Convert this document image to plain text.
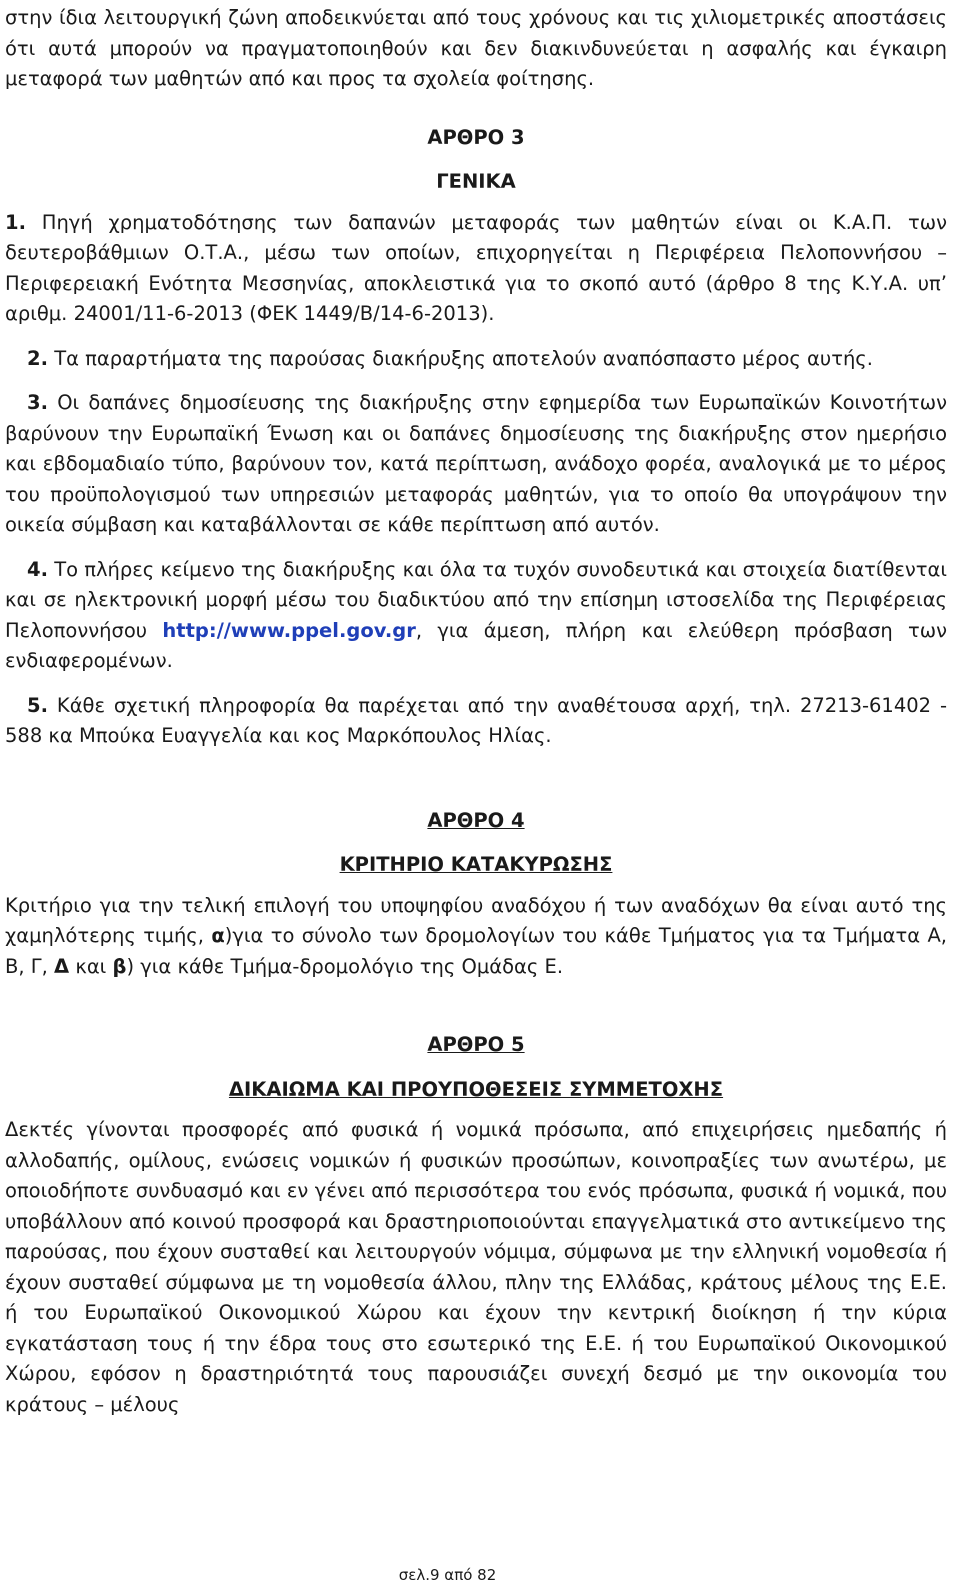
στην ίδια λειτουργική ζώνη αποδεικνύεται από τους χρόνους και τις χιλιομετρικές αποστάσεις ότι αυτά μπορούν να πραγματοποιηθούν και δεν διακινδυνεύεται η ασφαλής και έγκαιρη μεταφορά των μαθητών από και προς τα σχολεία φοίτησης.

ΑΡΘΡΟ 3
ΓΕΝΙΚΑ

1. Πηγή χρηματοδότησης των δαπανών μεταφοράς των μαθητών είναι οι Κ.Α.Π. των δευτεροβάθμιων Ο.Τ.Α., μέσω των οποίων, επιχορηγείται η Περιφέρεια Πελοποννήσου – Περιφερειακή Ενότητα Μεσσηνίας, αποκλειστικά για το σκοπό αυτό (άρθρο 8 της Κ.Υ.Α. υπ’ αριθμ. 24001/11-6-2013 (ΦΕΚ 1449/Β/14-6-2013).

2. Τα παραρτήματα της παρούσας διακήρυξης αποτελούν αναπόσπαστο μέρος αυτής.

3. Οι δαπάνες δημοσίευσης της διακήρυξης στην εφημερίδα των Ευρωπαϊκών Κοινοτήτων βαρύνουν την Ευρωπαϊκή Ένωση και οι δαπάνες δημοσίευσης της διακήρυξης στον ημερήσιο και εβδομαδιαίο τύπο, βαρύνουν τον, κατά περίπτωση, ανάδοχο φορέα, αναλογικά με το μέρος του προϋπολογισμού των υπηρεσιών μεταφοράς μαθητών, για το οποίο θα υπογράψουν την οικεία σύμβαση και καταβάλλονται σε κάθε περίπτωση από αυτόν.

4. Το πλήρες κείμενο της διακήρυξης και όλα τα τυχόν συνοδευτικά και στοιχεία διατίθενται και σε ηλεκτρονική μορφή μέσω του διαδικτύου από την επίσημη ιστοσελίδα της Περιφέρειας Πελοποννήσου http://www.ppel.gov.gr, για άμεση, πλήρη και ελεύθερη πρόσβαση των ενδιαφερομένων.

5. Κάθε σχετική πληροφορία θα παρέχεται από την αναθέτουσα αρχή, τηλ. 27213-61402 - 588 κα Μπούκα Ευαγγελία και κος Μαρκόπουλος Ηλίας.

ΑΡΘΡΟ 4
ΚΡΙΤΗΡΙΟ ΚΑΤΑΚΥΡΩΣΗΣ

Κριτήριο για την τελική επιλογή του υποψηφίου αναδόχου ή των αναδόχων θα είναι αυτό της χαμηλότερης τιμής, α)για το σύνολο των δρομολογίων του κάθε Τμήματος για τα Τμήματα Α, Β, Γ, Δ και β) για κάθε Τμήμα-δρομολόγιο της Ομάδας Ε.

ΑΡΘΡΟ 5
ΔΙΚΑΙΩΜΑ ΚΑΙ ΠΡΟΥΠΟΘΕΣΕΙΣ ΣΥΜΜΕΤΟΧΗΣ

Δεκτές γίνονται προσφορές από φυσικά ή νομικά πρόσωπα, από επιχειρήσεις ημεδαπής ή αλλοδαπής, ομίλους, ενώσεις νομικών ή φυσικών προσώπων, κοινοπραξίες των ανωτέρω, με οποιοδήποτε συνδυασμό και εν γένει από περισσότερα του ενός πρόσωπα, φυσικά ή νομικά, που υποβάλλουν από κοινού προσφορά και δραστηριοποιούνται επαγγελματικά στο αντικείμενο της παρούσας, που έχουν συσταθεί και λειτουργούν νόμιμα, σύμφωνα με την ελληνική νομοθεσία ή έχουν συσταθεί σύμφωνα με τη νομοθεσία άλλου, πλην της Ελλάδας, κράτους μέλους της Ε.Ε. ή του Ευρωπαϊκού Οικονομικού Χώρου και έχουν την κεντρική διοίκηση ή την κύρια εγκατάσταση τους ή την έδρα τους στο εσωτερικό της Ε.Ε. ή του Ευρωπαϊκού Οικονομικού Χώρου, εφόσον η δραστηριότητά τους παρουσιάζει συνεχή δεσμό με την οικονομία του κράτους – μέλους

σελ.9 από 82
